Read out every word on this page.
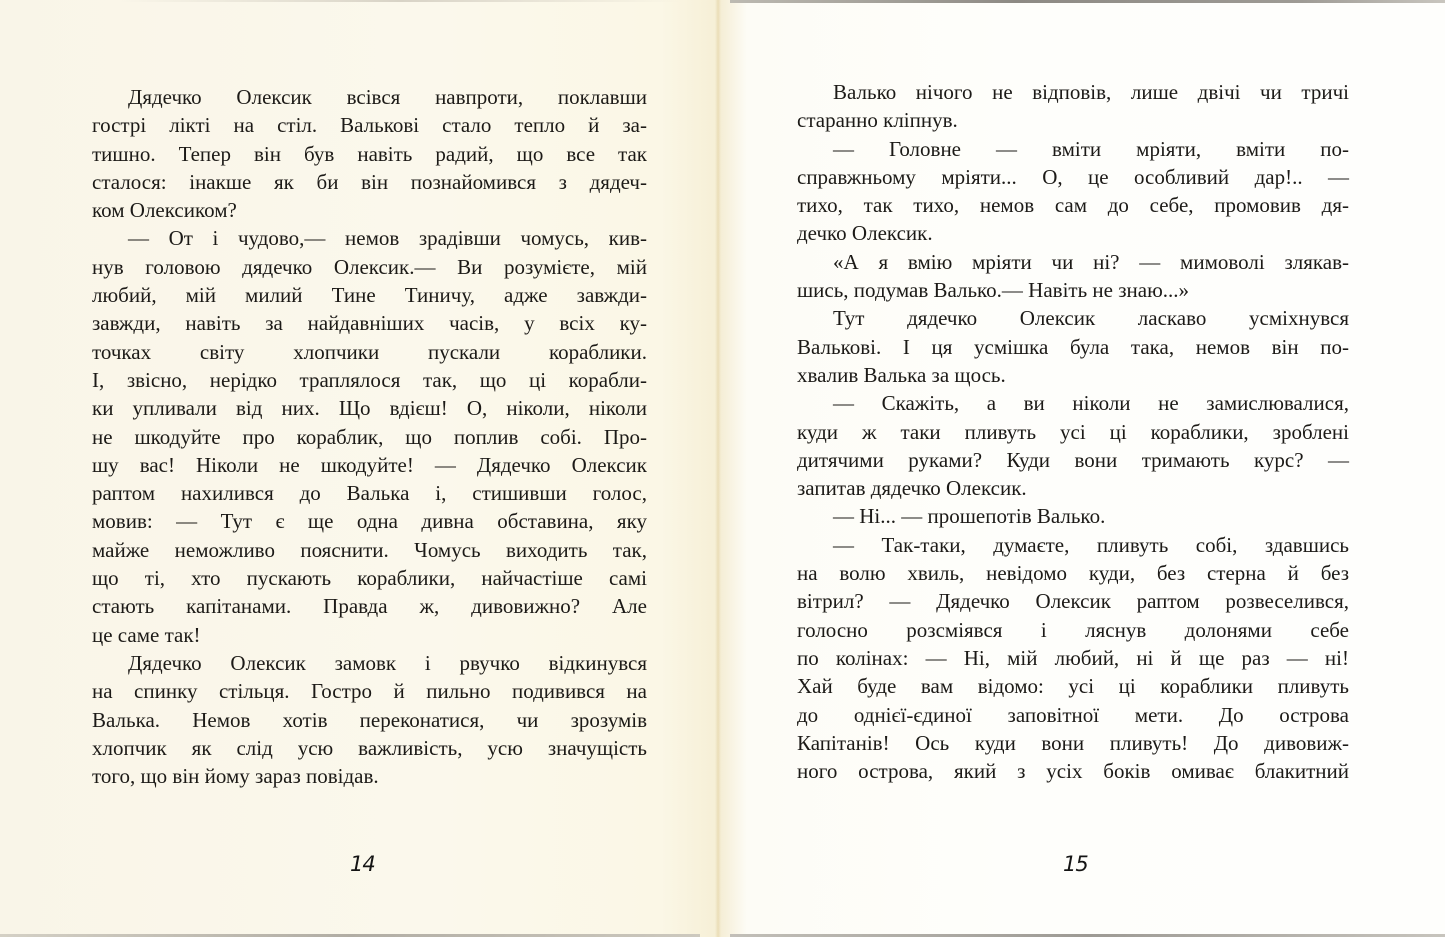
Дядечко Олексик всівся навпроти, поклавши
гострі лікті на стіл. Валькові стало тепло й за-
тишно. Тепер він був навіть радий, що все так
сталося: інакше як би він познайомився з дядеч-
ком Олексиком?
— От і чудово,— немов зрадівши чомусь, кив-
нув головою дядечко Олексик.— Ви розумієте, мій
любий, мій милий Тине Тиничу, адже завжди-
завжди, навіть за найдавніших часів, у всіх ку-
точках світу хлопчики пускали кораблики.
І, звісно, нерідко траплялося так, що ці корабли-
ки упливали від них. Що вдієш! О, ніколи, ніколи
не шкодуйте про кораблик, що поплив собі. Про-
шу вас! Ніколи не шкодуйте! — Дядечко Олексик
раптом нахилився до Валька і, стишивши голос,
мовив: — Тут є ще одна дивна обставина, яку
майже неможливо пояснити. Чомусь виходить так,
що ті, хто пускають кораблики, найчастіше самі
стають капітанами. Правда ж, дивовижно? Але
це саме так!
Дядечко Олексик замовк і рвучко відкинувся
на спинку стільця. Гостро й пильно подивився на
Валька. Немов хотів переконатися, чи зрозумів
хлопчик як слід усю важливість, усю значущість
того, що він йому зараз повідав.
14
Валько нічого не відповів, лише двічі чи тричі
старанно кліпнув.
— Головне — вміти мріяти, вміти по-
справжньому мріяти... О, це особливий дар!.. —
тихо, так тихо, немов сам до себе, промовив дя-
дечко Олексик.
«А я вмію мріяти чи ні? — мимоволі злякав-
шись, подумав Валько.— Навіть не знаю...»
Тут дядечко Олексик ласкаво усміхнувся
Валькові. І ця усмішка була така, немов він по-
хвалив Валька за щось.
— Скажіть, а ви ніколи не замислювалися,
куди ж таки пливуть усі ці кораблики, зроблені
дитячими руками? Куди вони тримають курс? —
запитав дядечко Олексик.
— Ні... — прошепотів Валько.
— Так-таки, думаєте, пливуть собі, здавшись
на волю хвиль, невідомо куди, без стерна й без
вітрил? — Дядечко Олексик раптом розвеселився,
голосно розсміявся і ляснув долонями себе
по колінах: — Ні, мій любий, ні й ще раз — ні!
Хай буде вам відомо: усі ці кораблики пливуть
до однієї-єдиної заповітної мети. До острова
Капітанів! Ось куди вони пливуть! До дивовиж-
ного острова, який з усіх боків омиває блакитний
15
